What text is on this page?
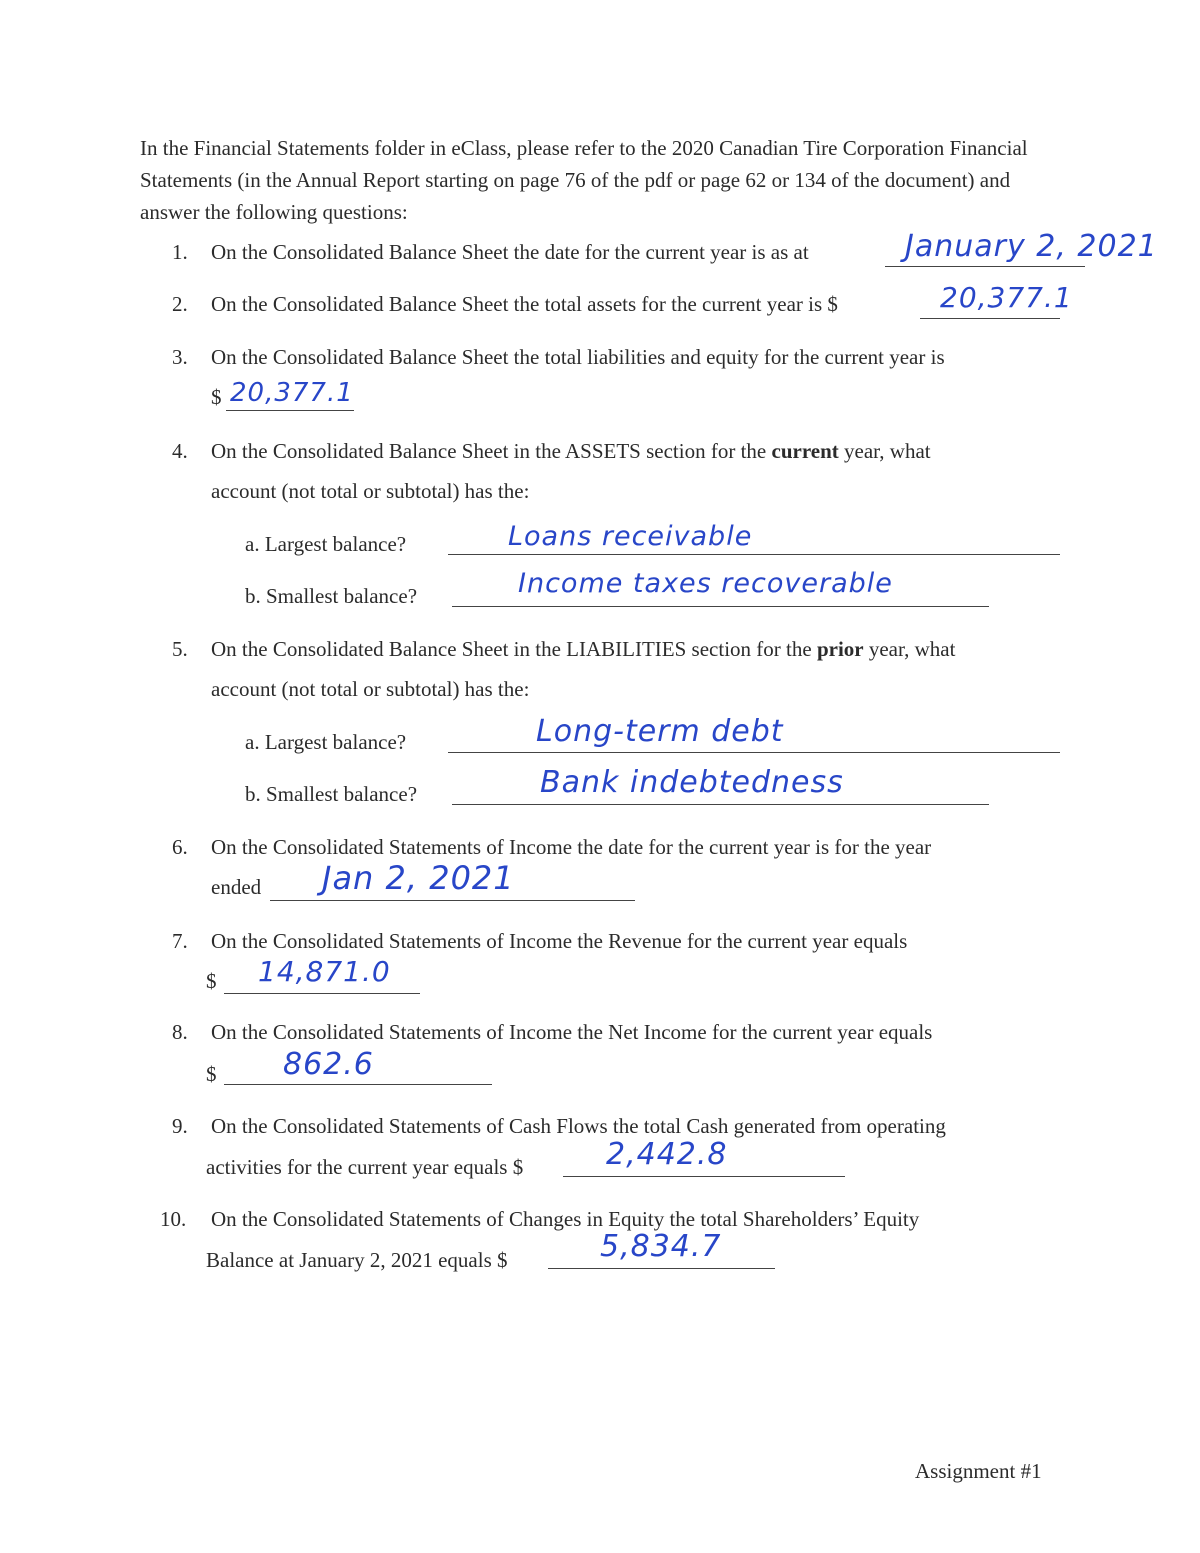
In the Financial Statements folder in eClass, please refer to the 2020 Canadian Tire Corporation Financial Statements (in the Annual Report starting on page 76 of the pdf or page 62 or 134 of the document) and answer the following questions:
1. On the Consolidated Balance Sheet the date for the current year is as at	January 2, 2021
2. On the Consolidated Balance Sheet the total assets for the current year is $	20,377.1
3. On the Consolidated Balance Sheet the total liabilities and equity for the current year is
$ 20,377.1
4. On the Consolidated Balance Sheet in the ASSETS section for the current year, what
account (not total or subtotal) has the:
a. Largest balance?	Loans receivable
b. Smallest balance?	Income taxes recoverable
5. On the Consolidated Balance Sheet in the LIABILITIES section for the prior year, what
account (not total or subtotal) has the:
a. Largest balance?	Long-term debt
b. Smallest balance?	Bank indebtedness
6. On the Consolidated Statements of Income the date for the current year is for the year
ended Jan 2, 2021
7. On the Consolidated Statements of Income the Revenue for the current year equals
$ 14,871.0
8. On the Consolidated Statements of Income the Net Income for the current year equals
$ 862.6
9. On the Consolidated Statements of Cash Flows the total Cash generated from operating
activities for the current year equals $	2,442.8
10. On the Consolidated Statements of Changes in Equity the total Shareholders’ Equity
Balance at January 2, 2021 equals $	5,834.7
Assignment #1
